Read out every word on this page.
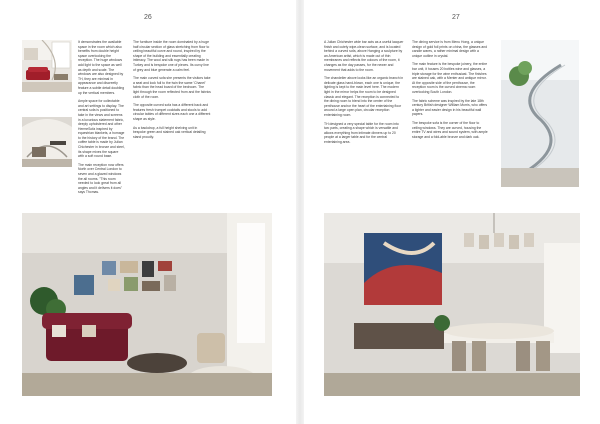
26

It demonstrates the available space in the room which also benefits from double height space overlooking the reception. The huge windows add light to the space as well as depth and scale. The windows are also designed by TH, they are minimal in appearance and discreetly feature a subtle detail doubling up the vertical members.

Ample space for collectable and art settings to display. The central sofa is positioned to take in the views and screens in a luxurious statement fabric, deeply upholstered and other HermeSofa inspired by equestrian blankets, a homage to the history of the brand. The coffee table is made by Julian Chichester in bronze and steel, its shape mixes the square with a soft round base.

The main reception now offers North over Central London to seven and a glazed windows the all rooms. "This room needed to look great from all angles and it delivers it does" says Thomas.

The furniture inside the room dominated by a huge half circular section of glass stretching from floor to ceiling beautiful curve and round, inspired by the shape of the building and essentially creating intimacy. The wool and silk rugs has been made in Turkey and is bespoke one of pieces. Its curvy line of grey and blue generate a calm feel.

The main curved sofa she presents the visitors take a seat and look full to the twin the same 'Chanel' fabric than the head board of the bedroom. The light through the room reflected from and the fabrics cloth of the room.

The opposite curved sofa has a different back and features fresh trumpet cocktails and stools to add circular tables of different sizes each one a different shape as style.

As a backdrop, a full height shelving unit in bespoke green and stained oak vertical detailing stand proudly.

27

A Julian Chichester wide bar acts as a useful lacquer finish and cutely wipe-clean surface, and is located behind a curved sofa, above Hanging a sculpture by an American artist, which is made out of thin membranes and reflects the colours of the room, it changes as the day passes, for the newer and movement that adds to the room.

The chandelier above looks like an organic branch in delicate glass hand-blown, each one is unique, the lighting is kept to the main level here. The modern light in the mirror helps the room to be designed classic and elegant. The reception is connected to the dining room to blend into the center of the penthouse anchor the heart of the entertaining floor around a large open plan, circular reception entertaining room.

TH designed a very special table for the room into two parts, creating a shape which is versatile and allows everything from intimate dinners up to 20 people at a larger table and for the central entertaining area.

The dining service is from Menu Hong, a unique design of gold foil prints on china, the glasses and candle wares, a rather minimal design with a unique outline in crystal.

The main feature is the bespoke joinery, the entire bar unit, it houses 20 bottles wine and glasses, a triple storage for the wine enthusiast. The finishes are stained oak, with a Menter and antique mirror. At the opposite side of the penthouse, the reception room is the curved cinema room overlooking South London.

The fabric scheme was inspired by the late 18th century British designer William Morris, who offers a lighter and easier design in his beautiful wall papers.

The bespoke sofa is the corner of the floor to ceiling windows. They are curved, housing the entire TV and wires and sound system, with ample storage and a fold-able bronze and dark oak.
